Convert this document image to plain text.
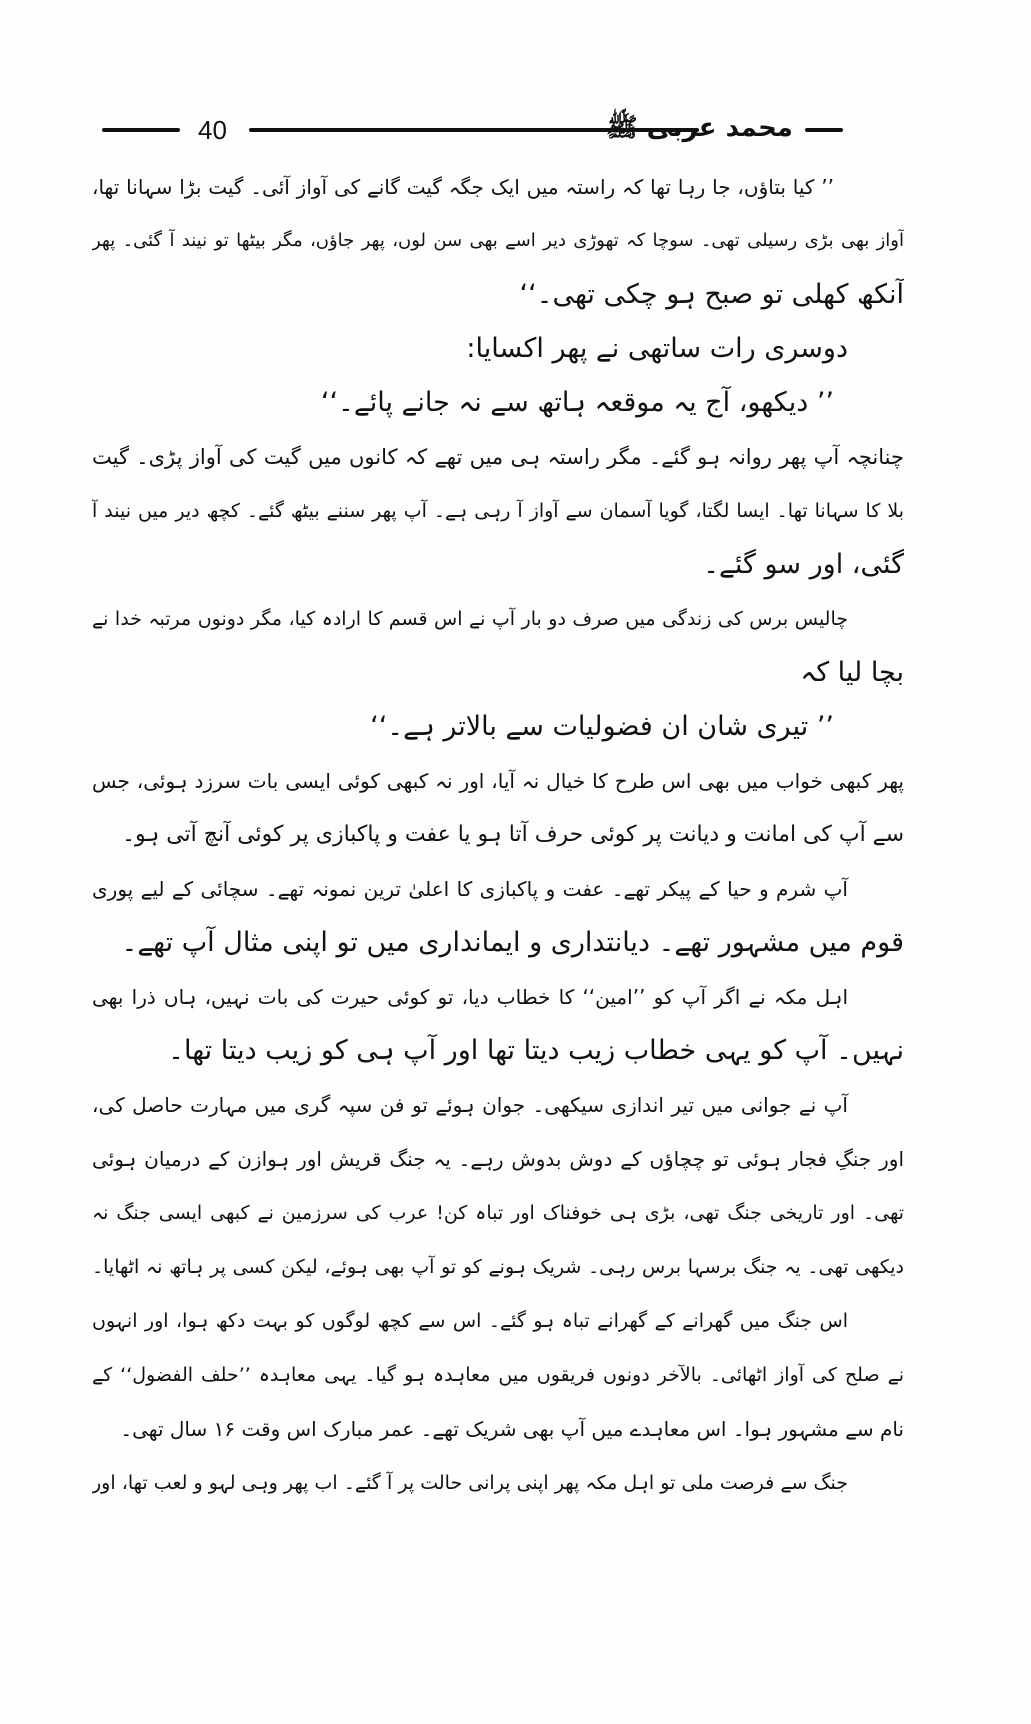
40	محمد عربی ﷺ
’’ کیا بتاؤں، جا رہا تھا کہ راستہ میں ایک جگہ گیت گانے کی آواز آئی۔ گیت بڑا سہانا تھا،
آواز بھی بڑی رسیلی تھی۔ سوچا کہ تھوڑی دیر اسے بھی سن لوں، پھر جاؤں، مگر بیٹھا تو نیند آ گئی۔ پھر
آنکھ کھلی تو صبح ہو چکی تھی۔‘‘
دوسری رات ساتھی نے پھر اکسایا:
’’ دیکھو، آج یہ موقعہ ہاتھ سے نہ جانے پائے۔‘‘
چنانچہ آپ پھر روانہ ہو گئے۔ مگر راستہ ہی میں تھے کہ کانوں میں گیت کی آواز پڑی۔ گیت
بلا کا سہانا تھا۔ ایسا لگتا، گویا آسمان سے آواز آ رہی ہے۔ آپ پھر سننے بیٹھ گئے۔ کچھ دیر میں نیند آ
گئی، اور سو گئے۔
چالیس برس کی زندگی میں صرف دو بار آپ نے اس قسم کا ارادہ کیا، مگر دونوں مرتبہ خدا نے
بچا لیا کہ
’’ تیری شان ان فضولیات سے بالاتر ہے۔‘‘
پھر کبھی خواب میں بھی اس طرح کا خیال نہ آیا، اور نہ کبھی کوئی ایسی بات سرزد ہوئی، جس
سے آپ کی امانت و دیانت پر کوئی حرف آتا ہو یا عفت و پاکبازی پر کوئی آنچ آتی ہو۔
آپ شرم و حیا کے پیکر تھے۔ عفت و پاکبازی کا اعلیٰ ترین نمونہ تھے۔ سچائی کے لیے پوری
قوم میں مشہور تھے۔ دیانتداری و ایمانداری میں تو اپنی مثال آپ تھے۔
اہل مکہ نے اگر آپ کو ’’امین‘‘ کا خطاب دیا، تو کوئی حیرت کی بات نہیں، ہاں ذرا بھی
نہیں۔ آپ کو یہی خطاب زیب دیتا تھا اور آپ ہی کو زیب دیتا تھا۔
آپ نے جوانی میں تیر اندازی سیکھی۔ جوان ہوئے تو فن سپہ گری میں مہارت حاصل کی،
اور جنگِ فجار ہوئی تو چچاؤں کے دوش بدوش رہے۔ یہ جنگ قریش اور ہوازن کے درمیان ہوئی
تھی۔ اور تاریخی جنگ تھی، بڑی ہی خوفناک اور تباہ کن! عرب کی سرزمین نے کبھی ایسی جنگ نہ
دیکھی تھی۔ یہ جنگ برسہا برس رہی۔ شریک ہونے کو تو آپ بھی ہوئے، لیکن کسی پر ہاتھ نہ اٹھایا۔
اس جنگ میں گھرانے کے گھرانے تباہ ہو گئے۔ اس سے کچھ لوگوں کو بہت دکھ ہوا، اور انہوں
نے صلح کی آواز اٹھائی۔ بالآخر دونوں فریقوں میں معاہدہ ہو گیا۔ یہی معاہدہ ’’حلف الفضول‘‘ کے
نام سے مشہور ہوا۔ اس معاہدے میں آپ بھی شریک تھے۔ عمر مبارک اس وقت ۱۶ سال تھی۔
جنگ سے فرصت ملی تو اہل مکہ پھر اپنی پرانی حالت پر آ گئے۔ اب پھر وہی لہو و لعب تھا، اور
